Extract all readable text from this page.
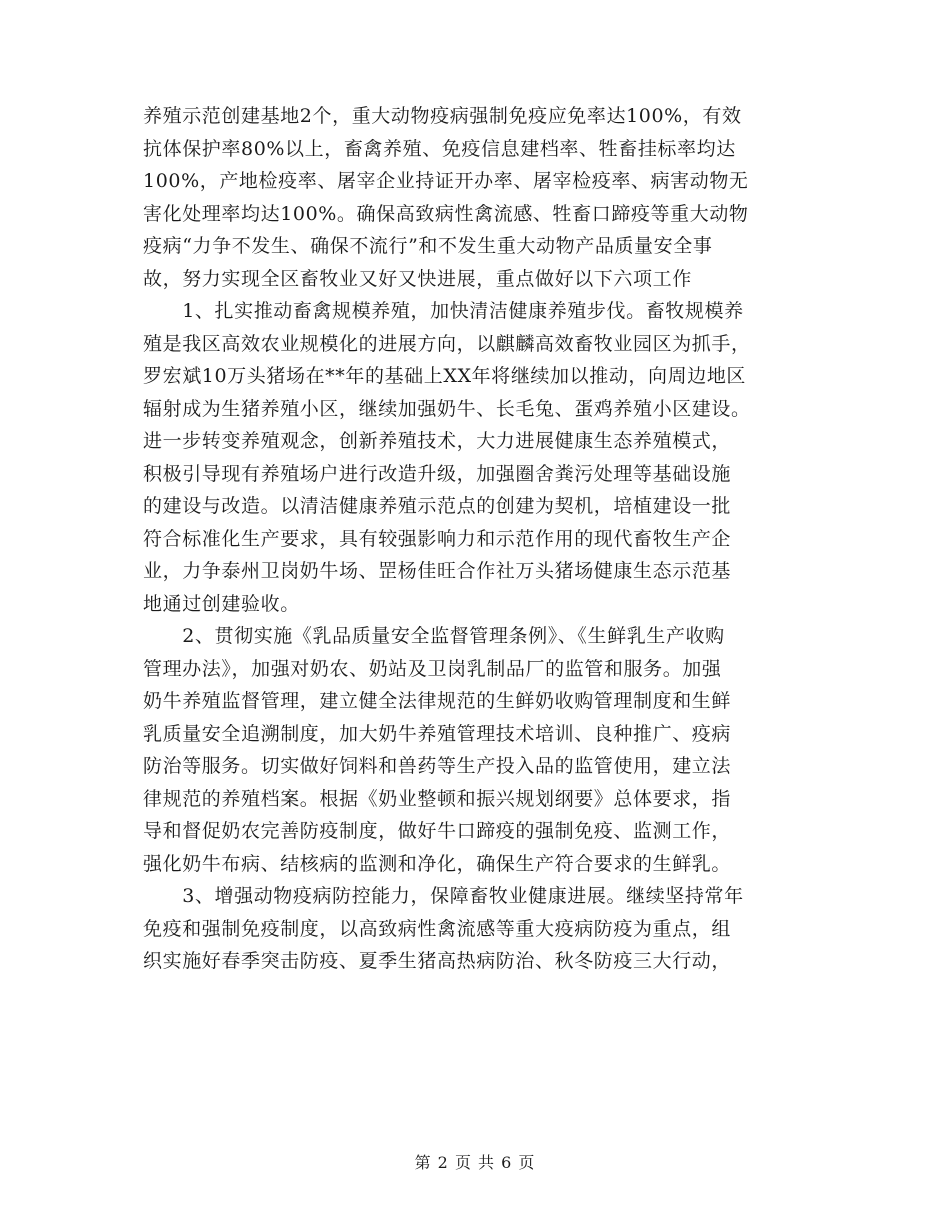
养殖示范创建基地2个，重大动物疫病强制免疫应免率达100%，有效
抗体保护率80%以上，畜禽养殖、免疫信息建档率、牲畜挂标率均达
100%，产地检疫率、屠宰企业持证开办率、屠宰检疫率、病害动物无
害化处理率均达100%。确保高致病性禽流感、牲畜口蹄疫等重大动物
疫病“力争不发生、确保不流行”和不发生重大动物产品质量安全事
故，努力实现全区畜牧业又好又快进展，重点做好以下六项工作
　　1、扎实推动畜禽规模养殖，加快清洁健康养殖步伐。畜牧规模养
殖是我区高效农业规模化的进展方向，以麒麟高效畜牧业园区为抓手，
罗宏斌10万头猪场在**年的基础上XX年将继续加以推动，向周边地区
辐射成为生猪养殖小区，继续加强奶牛、长毛兔、蛋鸡养殖小区建设。
进一步转变养殖观念，创新养殖技术，大力进展健康生态养殖模式，
积极引导现有养殖场户进行改造升级，加强圈舍粪污处理等基础设施
的建设与改造。以清洁健康养殖示范点的创建为契机，培植建设一批
符合标准化生产要求，具有较强影响力和示范作用的现代畜牧生产企
业，力争泰州卫岗奶牛场、罡杨佳旺合作社万头猪场健康生态示范基
地通过创建验收。
　　2、贯彻实施《乳品质量安全监督管理条例》、《生鲜乳生产收购
管理办法》，加强对奶农、奶站及卫岗乳制品厂的监管和服务。加强
奶牛养殖监督管理，建立健全法律规范的生鲜奶收购管理制度和生鲜
乳质量安全追溯制度，加大奶牛养殖管理技术培训、良种推广、疫病
防治等服务。切实做好饲料和兽药等生产投入品的监管使用，建立法
律规范的养殖档案。根据《奶业整顿和振兴规划纲要》总体要求，指
导和督促奶农完善防疫制度，做好牛口蹄疫的强制免疫、监测工作，
强化奶牛布病、结核病的监测和净化，确保生产符合要求的生鲜乳。
　　3、增强动物疫病防控能力，保障畜牧业健康进展。继续坚持常年
免疫和强制免疫制度，以高致病性禽流感等重大疫病防疫为重点，组
织实施好春季突击防疫、夏季生猪高热病防治、秋冬防疫三大行动，
第 2 页 共 6 页
